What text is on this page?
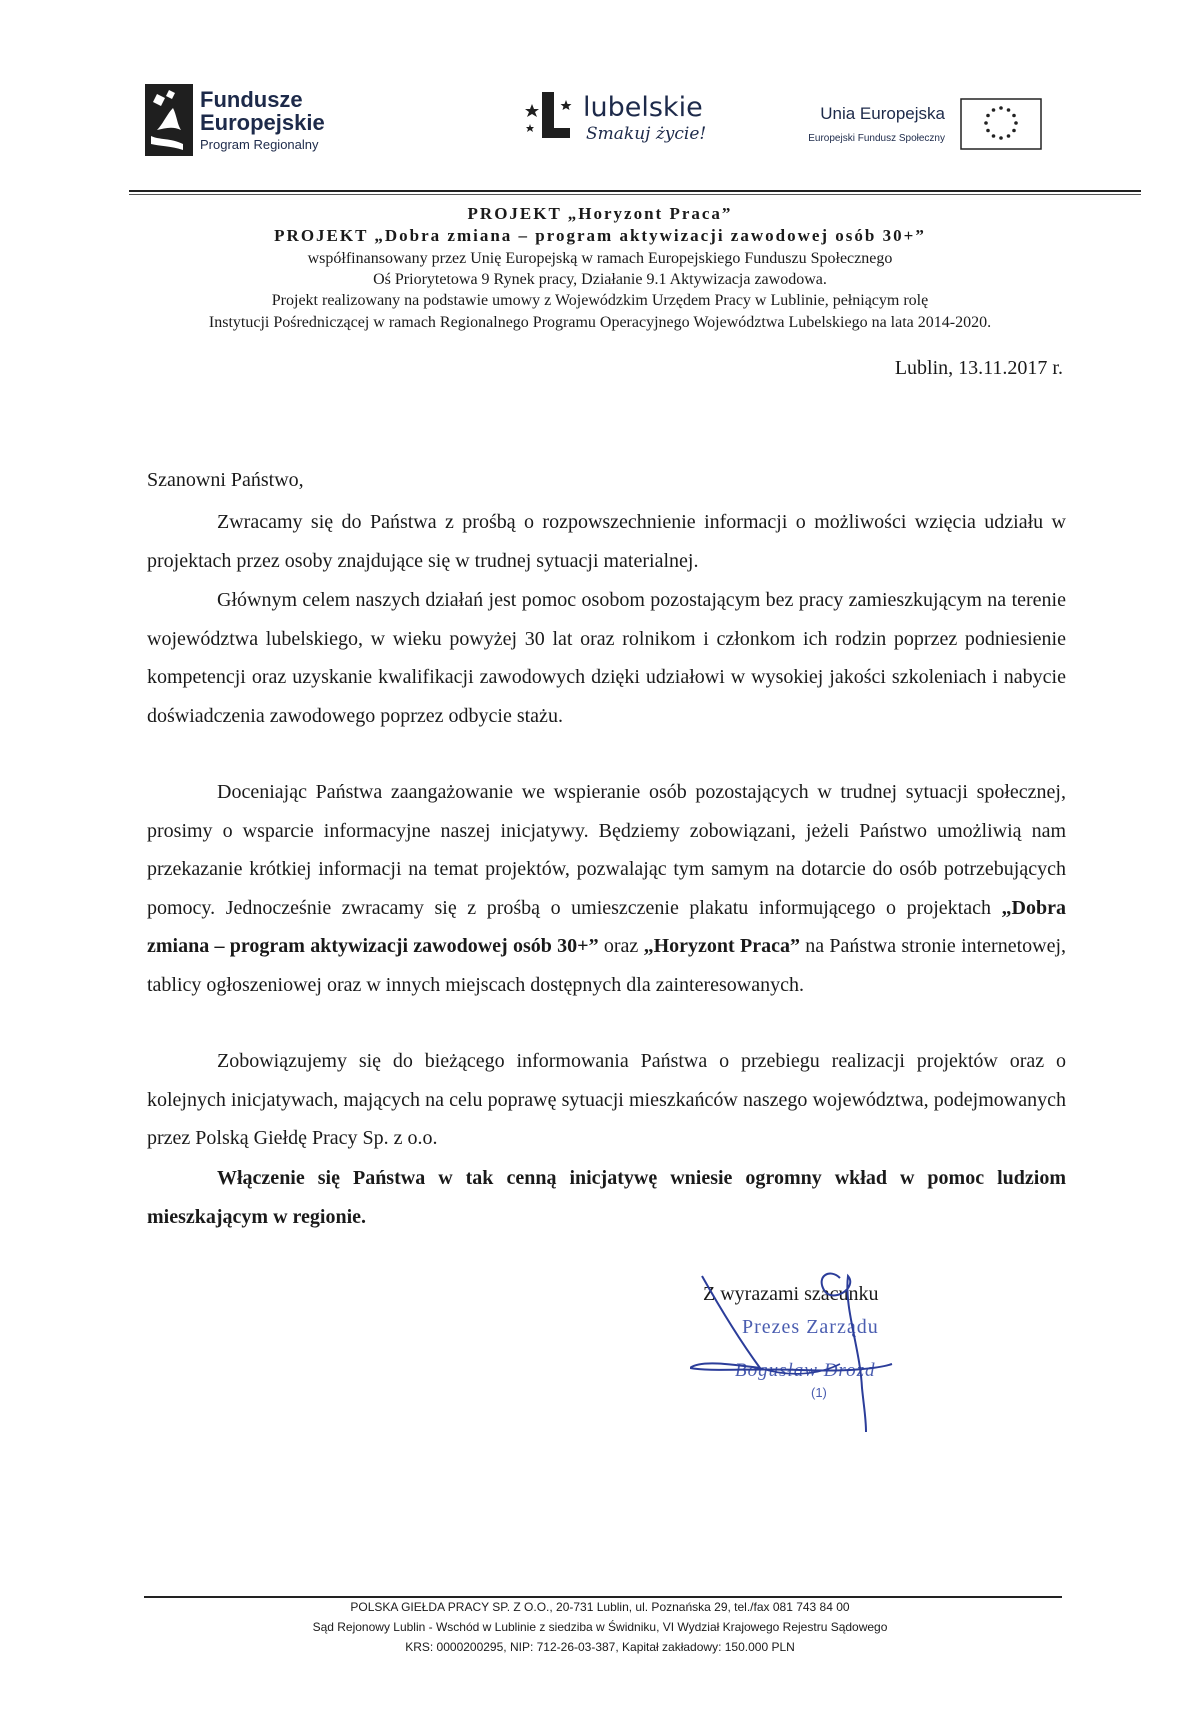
Fundusze
Europejskie
Program Regionalny
lubelskie
Smakuj życie!
Unia Europejska
Europejski Fundusz Społeczny
PROJEKT „Horyzont Praca”
PROJEKT „Dobra zmiana – program aktywizacji zawodowej osób 30+”
współfinansowany przez Unię Europejską w ramach Europejskiego Funduszu Społecznego
Oś Priorytetowa 9 Rynek pracy, Działanie 9.1 Aktywizacja zawodowa.
Projekt realizowany na podstawie umowy z Wojewódzkim Urzędem Pracy w Lublinie, pełniącym rolę
Instytucji Pośredniczącej w ramach Regionalnego Programu Operacyjnego Województwa Lubelskiego na lata 2014-2020.
Lublin, 13.11.2017 r.
Szanowni Państwo,

Zwracamy się do Państwa z prośbą o rozpowszechnienie informacji o możliwości wzięcia udziału w projektach przez osoby znajdujące się w trudnej sytuacji materialnej.

Głównym celem naszych działań jest pomoc osobom pozostającym bez pracy zamieszkującym na terenie województwa lubelskiego, w wieku powyżej 30 lat oraz rolnikom i członkom ich rodzin poprzez podniesienie kompetencji oraz uzyskanie kwalifikacji zawodowych dzięki udziałowi w wysokiej jakości szkoleniach i nabycie doświadczenia zawodowego poprzez odbycie stażu.

Doceniając Państwa zaangażowanie we wspieranie osób pozostających w trudnej sytuacji społecznej, prosimy o wsparcie informacyjne naszej inicjatywy. Będziemy zobowiązani, jeżeli Państwo umożliwią nam przekazanie krótkiej informacji na temat projektów, pozwalając tym samym na dotarcie do osób potrzebujących pomocy. Jednocześnie zwracamy się z prośbą o umieszczenie plakatu informującego o projektach „Dobra zmiana – program aktywizacji zawodowej osób 30+” oraz „Horyzont Praca” na Państwa stronie internetowej, tablicy ogłoszeniowej oraz w innych miejscach dostępnych dla zainteresowanych.

Zobowiązujemy się do bieżącego informowania Państwa o przebiegu realizacji projektów oraz o kolejnych inicjatywach, mających na celu poprawę sytuacji mieszkańców naszego województwa, podejmowanych przez Polską Giełdę Pracy Sp. z o.o.

Włączenie się Państwa w tak cenną inicjatywę wniesie ogromny wkład w pomoc ludziom mieszkającym w regionie.

Z wyrazami szacunku
Prezes Zarządu
Bogusław Drozd
(1)
POLSKA GIEŁDA PRACY SP. Z O.O., 20-731 Lublin, ul. Poznańska 29, tel./fax 081 743 84 00
Sąd Rejonowy Lublin - Wschód w Lublinie z siedziba w Świdniku, VI Wydział Krajowego Rejestru Sądowego
KRS: 0000200295, NIP: 712-26-03-387, Kapitał zakładowy: 150.000 PLN
